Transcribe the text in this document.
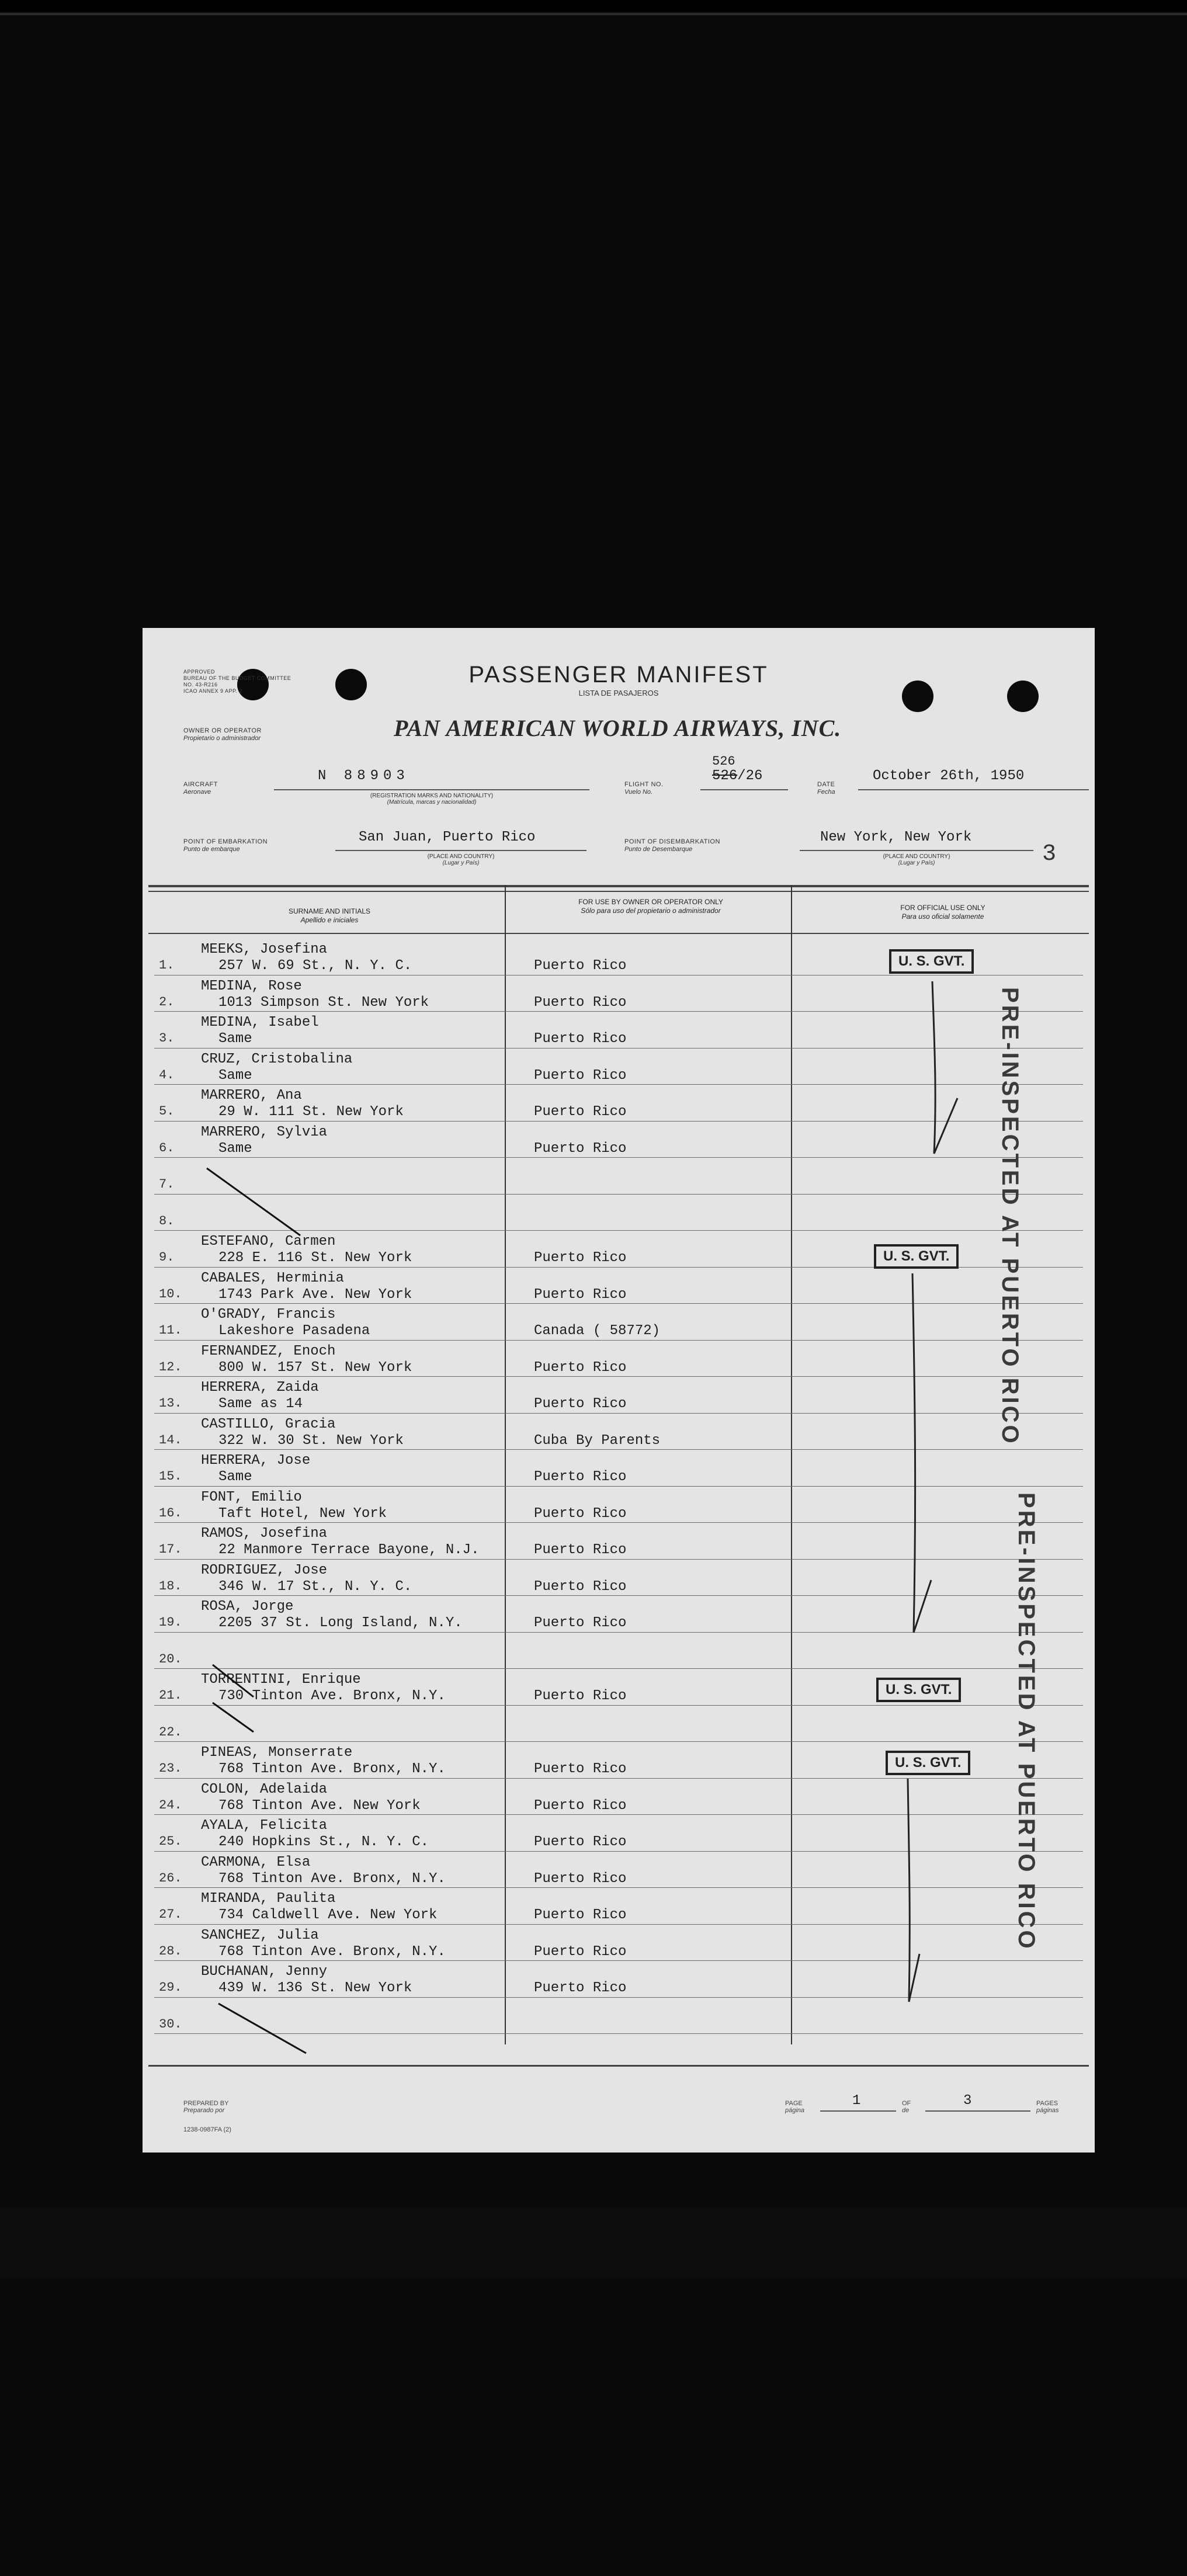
APPROVED
BUREAU OF THE BUDGET COMMITTEE
NO. 43-R216
ICAO ANNEX 9 APP. 2
PASSENGER MANIFEST
LISTA DE PASAJEROS
OWNER OR OPERATOR
Propietario o administrador	PAN AMERICAN WORLD AIRWAYS, INC.
AIRCRAFT
Aeronave
N 88903
(REGISTRATION MARKS AND NATIONALITY)
(Matrícula, marcas y nacionalidad)
FLIGHT NO.
Vuelo No.
526
526/26
DATE
Fecha
October 26th, 1950
POINT OF EMBARKATION
Punto de embarque
San Juan, Puerto Rico
(PLACE AND COUNTRY)
(Lugar y País)
POINT OF DISEMBARKATION
Punto de Desembarque
New York, New York
(PLACE AND COUNTRY)
(Lugar y País)	3
SURNAME AND INITIALS
Apellido e iniciales
FOR USE BY OWNER OR OPERATOR ONLY
Sólo para uso del propietario o administrador	FOR OFFICIAL USE ONLY
Para uso oficial solamente
1.
MEEKS, Josefina
257 W. 69 St., N. Y. C.	Puerto Rico
2.
MEDINA, Rose
1013 Simpson St. New York	Puerto Rico
3.
MEDINA, Isabel
Same	Puerto Rico
4.
CRUZ, Cristobalina
Same	Puerto Rico
5.
MARRERO, Ana
29 W. 111 St. New York	Puerto Rico
6.
MARRERO, Sylvia
Same	Puerto Rico
7.
8.
9.
ESTEFANO, Carmen
228 E. 116 St. New York	Puerto Rico
10.
CABALES, Herminia
1743 Park Ave. New York	Puerto Rico
11.
O'GRADY, Francis
Lakeshore Pasadena	Canada ( 58772)
12.
FERNANDEZ, Enoch
800 W. 157 St. New York	Puerto Rico
13.
HERRERA, Zaida
Same as 14	Puerto Rico
14.
CASTILLO, Gracia
322 W. 30 St. New York	Cuba By Parents
15.
HERRERA, Jose
Same	Puerto Rico
16.
FONT, Emilio
Taft Hotel, New York	Puerto Rico
17.
RAMOS, Josefina
22 Manmore Terrace Bayone, N.J.	Puerto Rico
18.
RODRIGUEZ, Jose
346 W. 17 St., N. Y. C.	Puerto Rico
19.
ROSA, Jorge
2205 37 St. Long Island, N.Y.	Puerto Rico
20.
21.
TORRENTINI, Enrique
730 Tinton Ave. Bronx, N.Y.	Puerto Rico
22.
23.
PINEAS, Monserrate
768 Tinton Ave. Bronx, N.Y.	Puerto Rico
24.
COLON, Adelaida
768 Tinton Ave. New York	Puerto Rico
25.
AYALA, Felicita
240 Hopkins St., N. Y. C.	Puerto Rico
26.
CARMONA, Elsa
768 Tinton Ave. Bronx, N.Y.	Puerto Rico
27.
MIRANDA, Paulita
734 Caldwell Ave. New York	Puerto Rico
28.
SANCHEZ, Julia
768 Tinton Ave. Bronx, N.Y.	Puerto Rico
29.
BUCHANAN, Jenny
439 W. 136 St. New York	Puerto Rico
30.
U. S. GVT.
U. S. GVT.
U. S. GVT.
U. S. GVT.
PRE-INSPECTED AT PUERTO RICO
PRE-INSPECTED AT PUERTO RICO
PREPARED BY
Preparado por
1238-0987FA (2)
PAGE
página
1	OF
de
3	PAGES
páginas
